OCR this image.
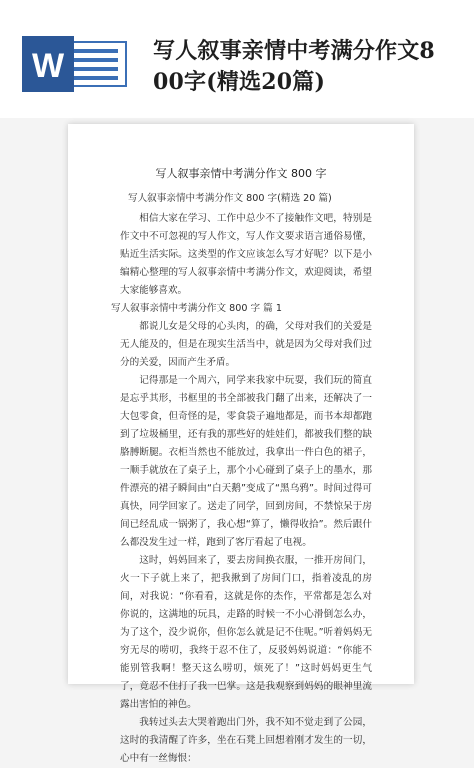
W	写人叙事亲情中考满分作文8
00字(精选20篇)
写人叙事亲情中考满分作文 800 字

写人叙事亲情中考满分作文 800 字(精选 20 篇)

相信大家在学习、工作中总少不了接触作文吧，特别是作文中不可忽视的写人作文，写人作文要求语言通俗易懂，贴近生活实际。这类型的作文应该怎么写才好呢？以下是小编精心整理的写人叙事亲情中考满分作文，欢迎阅读，希望大家能够喜欢。

写人叙事亲情中考满分作文 800 字 篇 1

都说儿女是父母的心头肉，的确，父母对我们的关爱是无人能及的，但是在现实生活当中，就是因为父母对我们过分的关爱，因而产生矛盾。

记得那是一个周六，同学来我家中玩耍，我们玩的简直是忘乎其形，书框里的书全部被我门翻了出来，还解决了一大包零食，但奇怪的是，零食袋子遍地都是，而书本却都跑到了垃圾桶里，还有我的那些好的娃娃们，都被我们整的缺胳膊断腿。衣柜当然也不能放过，我拿出一件白色的裙子，一顺手就放在了桌子上，那个小心碰到了桌子上的墨水，那件漂亮的裙子瞬间由“白天鹅”变成了“黑乌鸦”。时间过得可真快，同学回家了。送走了同学，回到房间，不禁惊呆于房间已经乱成一锅粥了，我心想“算了，懒得收拾”。然后跟什么都没发生过一样，跑到了客厅看起了电视。

这时，妈妈回来了，要去房间换衣服，一推开房间门，火一下子就上来了，把我揪到了房间门口，指着凌乱的房间，对我说：“你看看，这就是你的杰作，平常都是怎么对你说的，这满地的玩具，走路的时候一不小心滑倒怎么办，为了这个，没少说你，但你怎么就是记不住呢。”听着妈妈无穷无尽的唠叨，我终于忍不住了，反驳妈妈说道：“你能不能别管我啊！整天这么唠叨，烦死了！”这时妈妈更生气了，竟忍不住打了我一巴掌。这是我观察到妈妈的眼神里流露出害怕的神色。

我转过头去大哭着跑出门外，我不知不觉走到了公园，这时的我清醒了许多，坐在石凳上回想着刚才发生的一切，心中有一丝悔恨：
